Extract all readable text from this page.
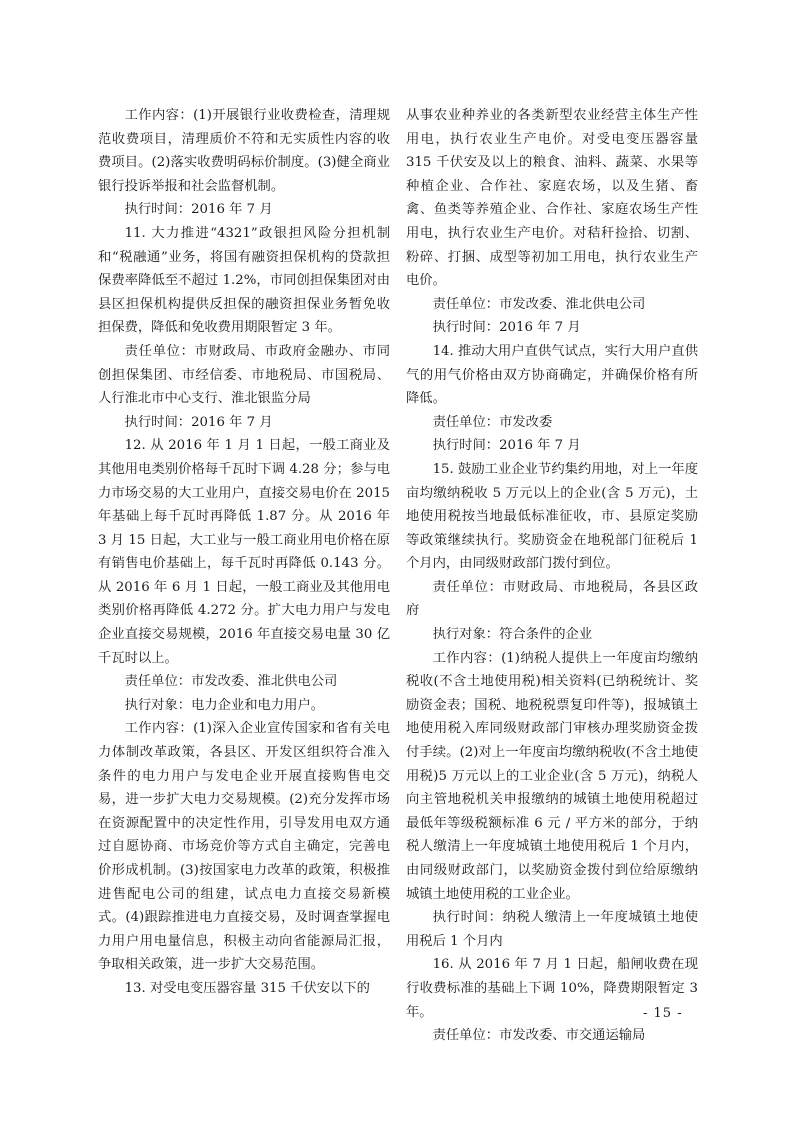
工作内容：(1)开展银行业收费检查，清理规范收费项目，清理质价不符和无实质性内容的收费项目。(2)落实收费明码标价制度。(3)健全商业银行投诉举报和社会监督机制。

执行时间：2016 年 7 月

11. 大力推进“4321”政银担风险分担机制和“税融通”业务，将国有融资担保机构的贷款担保费率降低至不超过 1.2%，市同创担保集团对由县区担保机构提供反担保的融资担保业务暂免收担保费，降低和免收费用期限暂定 3 年。

责任单位：市财政局、市政府金融办、市同创担保集团、市经信委、市地税局、市国税局、人行淮北市中心支行、淮北银监分局

执行时间：2016 年 7 月

12. 从 2016 年 1 月 1 日起，一般工商业及其他用电类别价格每千瓦时下调 4.28 分；参与电力市场交易的大工业用户，直接交易电价在 2015 年基础上每千瓦时再降低 1.87 分。从 2016 年 3 月 15 日起，大工业与一般工商业用电价格在原有销售电价基础上，每千瓦时再降低 0.143 分。从 2016 年 6 月 1 日起，一般工商业及其他用电类别价格再降低 4.272 分。扩大电力用户与发电企业直接交易规模，2016 年直接交易电量 30 亿千瓦时以上。

责任单位：市发改委、淮北供电公司

执行对象：电力企业和电力用户。

工作内容：(1)深入企业宣传国家和省有关电力体制改革政策，各县区、开发区组织符合准入条件的电力用户与发电企业开展直接购售电交易，进一步扩大电力交易规模。(2)充分发挥市场在资源配置中的决定性作用，引导发用电双方通过自愿协商、市场竞价等方式自主确定，完善电价形成机制。(3)按国家电力改革的政策，积极推进售配电公司的组建，试点电力直接交易新模式。(4)跟踪推进电力直接交易，及时调查掌握电力用户用电量信息，积极主动向省能源局汇报，争取相关政策，进一步扩大交易范围。

13. 对受电变压器容量 315 千伏安以下的

从事农业种养业的各类新型农业经营主体生产性用电，执行农业生产电价。对受电变压器容量 315 千伏安及以上的粮食、油料、蔬菜、水果等种植企业、合作社、家庭农场，以及生猪、畜禽、鱼类等养殖企业、合作社、家庭农场生产性用电，执行农业生产电价。对秸秆捡拾、切割、粉碎、打捆、成型等初加工用电，执行农业生产电价。

责任单位：市发改委、淮北供电公司

执行时间：2016 年 7 月

14. 推动大用户直供气试点，实行大用户直供气的用气价格由双方协商确定，并确保价格有所降低。

责任单位：市发改委

执行时间：2016 年 7 月

15. 鼓励工业企业节约集约用地，对上一年度亩均缴纳税收 5 万元以上的企业(含 5 万元)，土地使用税按当地最低标准征收，市、县原定奖励等政策继续执行。奖励资金在地税部门征税后 1 个月内，由同级财政部门拨付到位。

责任单位：市财政局、市地税局，各县区政府

执行对象：符合条件的企业

工作内容：(1)纳税人提供上一年度亩均缴纳税收(不含土地使用税)相关资料(已纳税统计、奖励资金表；国税、地税税票复印件等)，报城镇土地使用税入库同级财政部门审核办理奖励资金拨付手续。(2)对上一年度亩均缴纳税收(不含土地使用税)5 万元以上的工业企业(含 5 万元)，纳税人向主管地税机关申报缴纳的城镇土地使用税超过最低年等级税额标准 6 元 / 平方米的部分，于纳税人缴清上一年度城镇土地使用税后 1 个月内，由同级财政部门，以奖励资金拨付到位给原缴纳城镇土地使用税的工业企业。

执行时间：纳税人缴清上一年度城镇土地使用税后 1 个月内

16. 从 2016 年 7 月 1 日起，船闸收费在现行收费标准的基础上下调 10%，降费期限暂定 3 年。

责任单位：市发改委、市交通运输局

- 15 -
